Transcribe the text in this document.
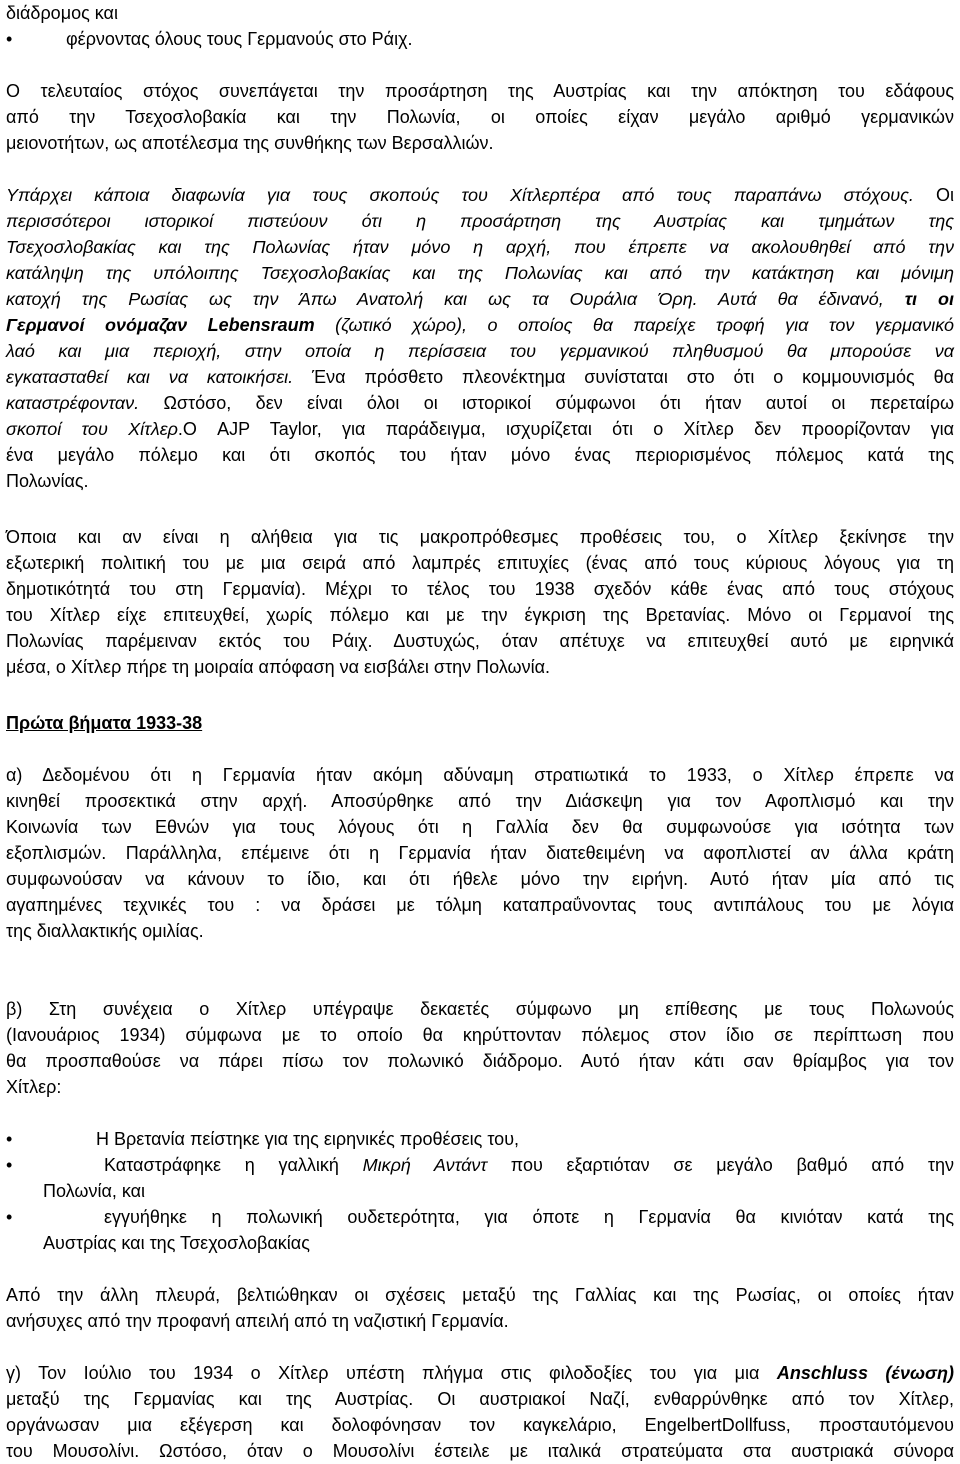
διάδρομος και
•	φέρνοντας όλους τους Γερμανούς στο Ράιχ.
Ο τελευταίος στόχος συνεπάγεται την προσάρτηση της Αυστρίας και την απόκτηση του εδάφους
από την Τσεχοσλοβακία και την Πολωνία, οι οποίες είχαν μεγάλο αριθμό γερμανικών
μειονοτήτων, ως αποτέλεσμα της συνθήκης των Βερσαλλιών.
Υπάρχει κάποια διαφωνία για τους σκοπούς του Χίτλερπέρα από τους παραπάνω στόχους. Οι
περισσότεροι ιστορικοί πιστεύουν ότι η προσάρτηση της Αυστρίας και τμημάτων της
Τσεχοσλοβακίας και της Πολωνίας ήταν μόνο η αρχή, που έπρεπε να ακολουθηθεί από την
κατάληψη της υπόλοιπης Τσεχοσλοβακίας και της Πολωνίας και από την κατάκτηση και μόνιμη
κατοχή της Ρωσίας ως την Άπω Ανατολή και ως τα Ουράλια Όρη. Αυτά θα έδινανό, τι οι
Γερμανοί ονόμαζαν Lebensraum (ζωτικό χώρο), ο οποίος θα παρείχε τροφή για τον γερμανικό
λαό και μια περιοχή, στην οποία η περίσσεια του γερμανικού πληθυσμού θα μπορούσε να
εγκατασταθεί και να κατοικήσει. Ένα πρόσθετο πλεονέκτημα συνίσταται στο ότι ο κομμουνισμός θα
καταστρέφονταν. Ωστόσο, δεν είναι όλοι οι ιστορικοί σύμφωνοι ότι ήταν αυτοί οι περεταίρω
σκοποί του Χίτλερ.Ο AJP Taylor, για παράδειγμα, ισχυρίζεται ότι ο Χίτλερ δεν προορίζονταν για
ένα μεγάλο πόλεμο και ότι σκοπός του ήταν μόνο ένας περιορισμένος πόλεμος κατά της
Πολωνίας.
Όποια και αν είναι η αλήθεια για τις μακροπρόθεσμες προθέσεις του, ο Χίτλερ ξεκίνησε την
εξωτερική πολιτική του με μια σειρά από λαμπρές επιτυχίες (ένας από τους κύριους λόγους για τη
δημοτικότητά του στη Γερμανία). Μέχρι το τέλος του 1938 σχεδόν κάθε ένας από τους στόχους
του Χίτλερ είχε επιτευχθεί, χωρίς πόλεμο και με την έγκριση της Βρετανίας. Μόνο οι Γερμανοί της
Πολωνίας παρέμειναν εκτός του Ράιχ. Δυστυχώς, όταν απέτυχε να επιτευχθεί αυτό με ειρηνικά
μέσα, ο Χίτλερ πήρε τη μοιραία απόφαση να εισβάλει στην Πολωνία.
Πρώτα βήματα 1933-38
α) Δεδομένου ότι η Γερμανία ήταν ακόμη αδύναμη στρατιωτικά το 1933, ο Χίτλερ έπρεπε να
κινηθεί προσεκτικά στην αρχή. Αποσύρθηκε από την Διάσκεψη για τον Αφοπλισμό και την
Κοινωνία των Εθνών για τους λόγους ότι η Γαλλία δεν θα συμφωνούσε για ισότητα των
εξοπλισμών. Παράλληλα, επέμεινε ότι η Γερμανία ήταν διατεθειμένη να αφοπλιστεί αν άλλα κράτη
συμφωνούσαν να κάνουν το ίδιο, και ότι ήθελε μόνο την ειρήνη. Αυτό ήταν μία από τις
αγαπημένες τεχνικές του : να δράσει με τόλμη καταπραΰνοντας τους αντιπάλους του με λόγια
της διαλλακτικής ομιλίας.
β) Στη συνέχεια ο Χίτλερ υπέγραψε δεκαετές σύμφωνο μη επίθεσης με τους Πολωνούς
(Ιανουάριος 1934) σύμφωνα με το οποίο θα κηρύττονταν πόλεμος στον ίδιο σε περίπτωση που
θα προσπαθούσε να πάρει πίσω τον πολωνικό διάδρομο. Αυτό ήταν κάτι σαν θρίαμβος για τον
Χίτλερ:
•	Η Βρετανία πείστηκε για της ειρηνικές προθέσεις του,
•	Καταστράφηκε η γαλλική Μικρή Αντάντ που εξαρτιόταν σε μεγάλο βαθμό από την
Πολωνία, και
•	εγγυήθηκε η πολωνική ουδετερότητα, για όποτε η Γερμανία θα κινιόταν κατά της
Αυστρίας και της Τσεχοσλοβακίας
Από την άλλη πλευρά, βελτιώθηκαν οι σχέσεις μεταξύ της Γαλλίας και της Ρωσίας, οι οποίες ήταν
ανήσυχες από την προφανή απειλή από τη ναζιστική Γερμανία.
γ) Τον Ιούλιο του 1934 ο Χίτλερ υπέστη πλήγμα στις φιλοδοξίες του για μια Anschluss (ένωση)
μεταξύ της Γερμανίας και της Αυστρίας. Οι αυστριακοί Ναζί, ενθαρρύνθηκε από τον Χίτλερ,
οργάνωσαν μια εξέγερση και δολοφόνησαν τον καγκελάριο, EngelbertDollfuss, προσταυτόμενου
του Μουσολίνι. Ωστόσο, όταν ο Μουσολίνι έστειλε με ιταλικά στρατεύματα στα αυστριακά σύνορα
